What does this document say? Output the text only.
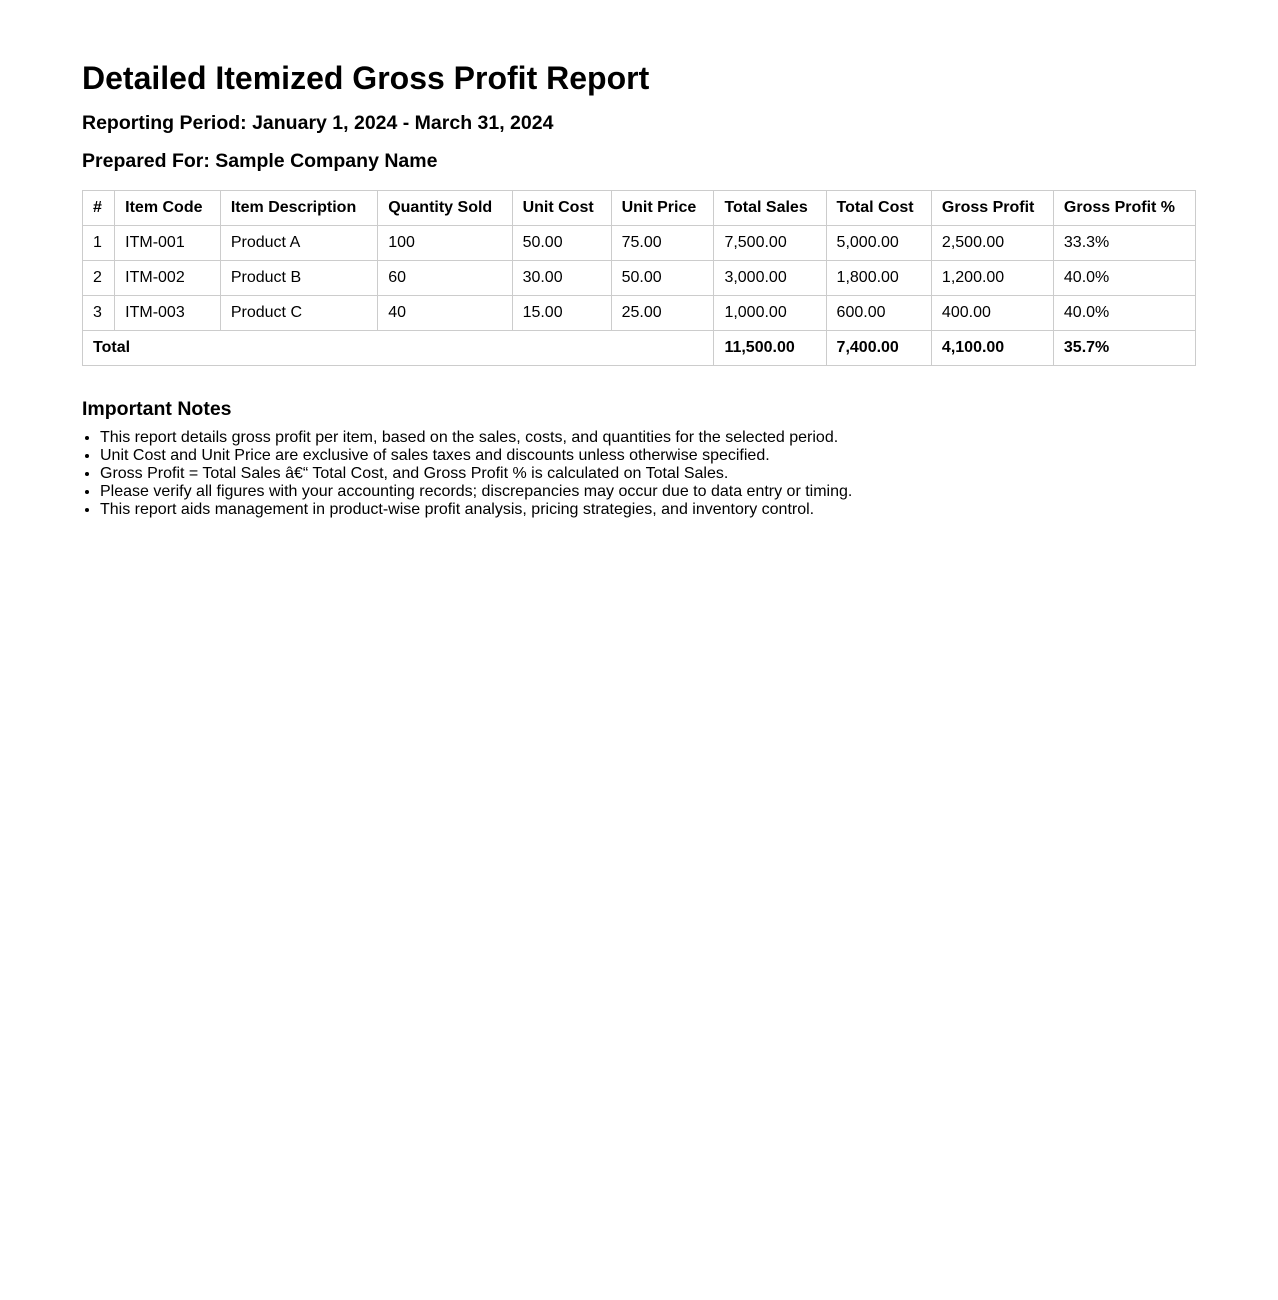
Detailed Itemized Gross Profit Report
Reporting Period: January 1, 2024 - March 31, 2024
Prepared For: Sample Company Name
#	Item Code	Item Description	Quantity Sold	Unit Cost	Unit Price	Total Sales	Total Cost	Gross Profit	Gross Profit %
1	ITM-001	Product A	100	50.00	75.00	7,500.00	5,000.00	2,500.00	33.3%
2	ITM-002	Product B	60	30.00	50.00	3,000.00	1,800.00	1,200.00	40.0%
3	ITM-003	Product C	40	15.00	25.00	1,000.00	600.00	400.00	40.0%
Total						11,500.00	7,400.00	4,100.00	35.7%
Important Notes
• This report details gross profit per item, based on the sales, costs, and quantities for the selected period.
• Unit Cost and Unit Price are exclusive of sales taxes and discounts unless otherwise specified.
• Gross Profit = Total Sales â€“ Total Cost, and Gross Profit % is calculated on Total Sales.
• Please verify all figures with your accounting records; discrepancies may occur due to data entry or timing.
• This report aids management in product-wise profit analysis, pricing strategies, and inventory control.
